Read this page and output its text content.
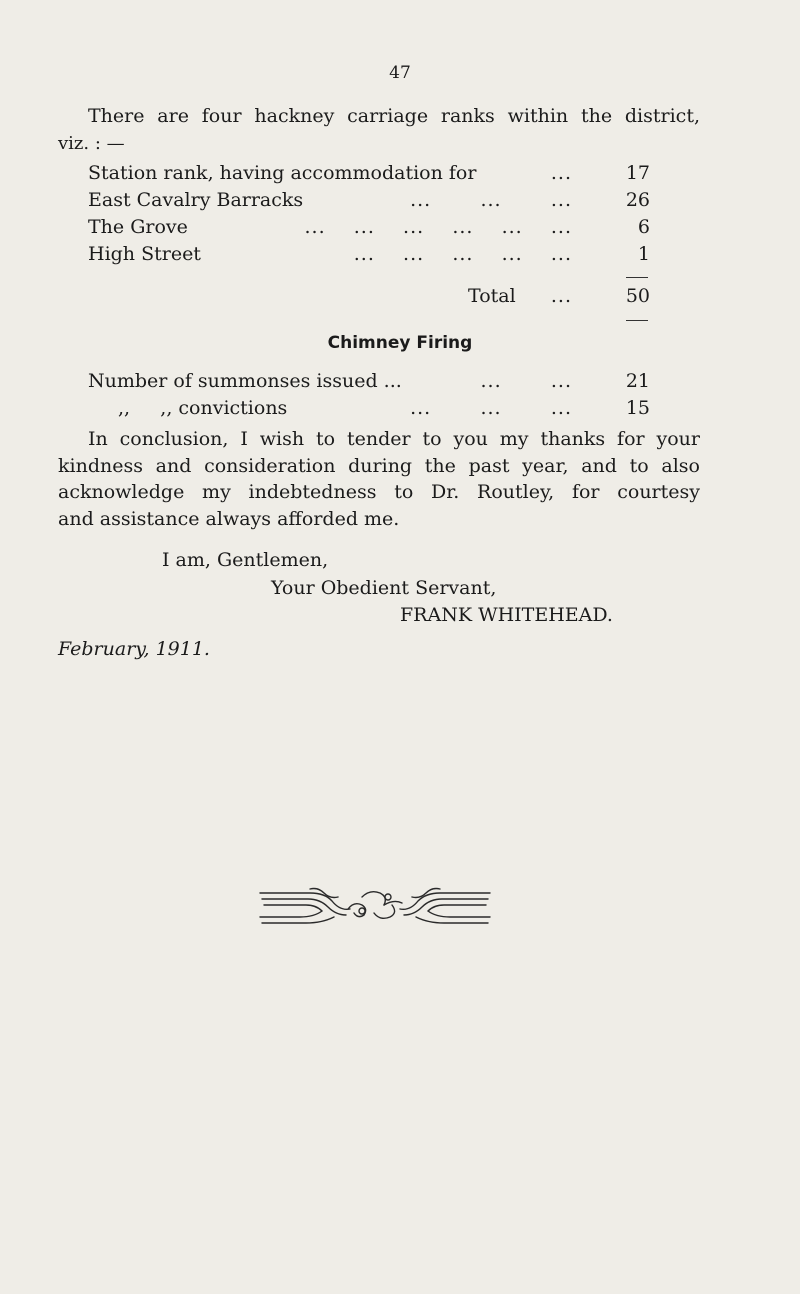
47
There are four hackney carriage ranks within the district,
viz. : —
Station rank, having accommodation for	...	17
East Cavalry Barracks	...       ...       ...	26
The Grove	...    ...    ...    ...    ...    ...	6
High Street	...    ...    ...    ...    ...	1
Total ...	50
Chimney Firing
Number of summonses issued ...	...       ...	21
,,     ,, convictions	...       ...       ...	15
In conclusion, I wish to tender to you my thanks for your
kindness and consideration during the past year, and to also
acknowledge my indebtedness to Dr. Routley, for courtesy
and assistance always afforded me.
I am, Gentlemen,
Your Obedient Servant,
FRANK WHITEHEAD.
February, 1911.
